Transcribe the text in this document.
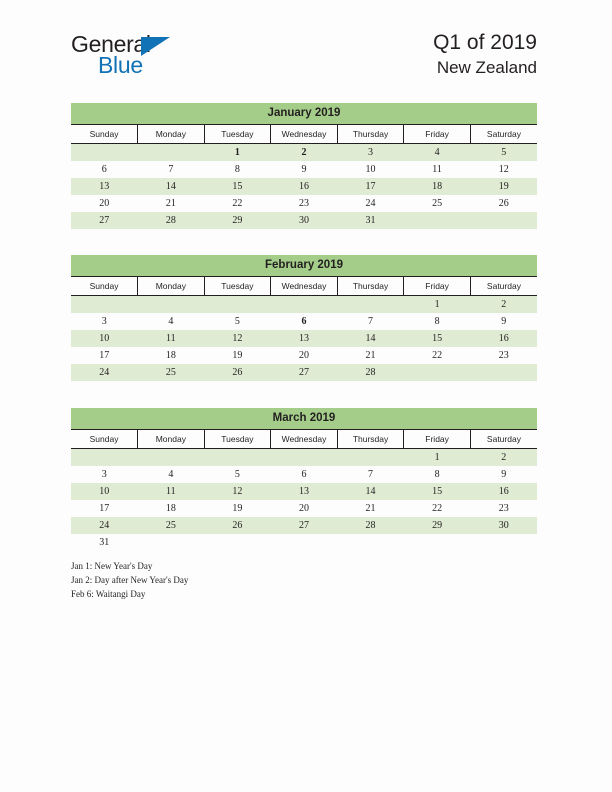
General
Blue
Q1 of 2019
New Zealand
January 2019
Sunday	Monday	Tuesday	Wednesday	Thursday	Friday	Saturday
		1	2	3	4	5
6	7	8	9	10	11	12
13	14	15	16	17	18	19
20	21	22	23	24	25	26
27	28	29	30	31		
February 2019
Sunday	Monday	Tuesday	Wednesday	Thursday	Friday	Saturday
					1	2
3	4	5	6	7	8	9
10	11	12	13	14	15	16
17	18	19	20	21	22	23
24	25	26	27	28		
March 2019
Sunday	Monday	Tuesday	Wednesday	Thursday	Friday	Saturday
					1	2
3	4	5	6	7	8	9
10	11	12	13	14	15	16
17	18	19	20	21	22	23
24	25	26	27	28	29	30
31						
Jan 1: New Year's Day
Jan 2: Day after New Year's Day
Feb 6: Waitangi Day
